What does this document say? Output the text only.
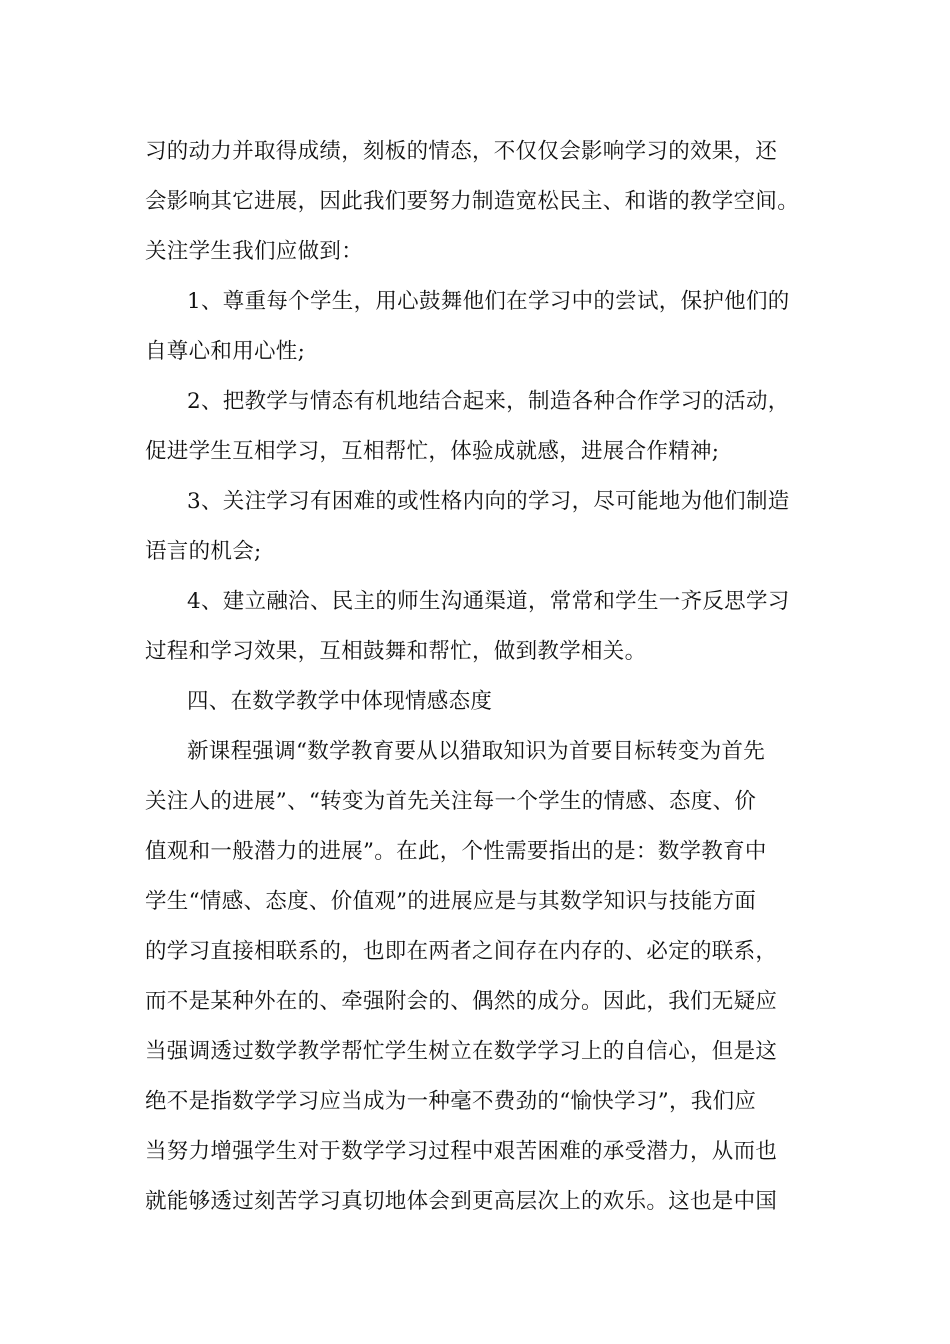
习的动力并取得成绩，刻板的情态，不仅仅会影响学习的效果，还
会影响其它进展，因此我们要努力制造宽松民主、和谐的教学空间。
关注学生我们应做到：
1、尊重每个学生，用心鼓舞他们在学习中的尝试，保护他们的
自尊心和用心性;
2、把教学与情态有机地结合起来，制造各种合作学习的活动，
促进学生互相学习，互相帮忙，体验成就感，进展合作精神;
3、关注学习有困难的或性格内向的学习，尽可能地为他们制造
语言的机会;
4、建立融洽、民主的师生沟通渠道，常常和学生一齐反思学习
过程和学习效果，互相鼓舞和帮忙，做到教学相关。
四、在数学教学中体现情感态度
新课程强调“数学教育要从以猎取知识为首要目标转变为首先
关注人的进展”、“转变为首先关注每一个学生的情感、态度、价
值观和一般潜力的进展”。在此，个性需要指出的是：数学教育中
学生“情感、态度、价值观”的进展应是与其数学知识与技能方面
的学习直接相联系的，也即在两者之间存在内存的、必定的联系，
而不是某种外在的、牵强附会的、偶然的成分。因此，我们无疑应
当强调透过数学教学帮忙学生树立在数学学习上的自信心，但是这
绝不是指数学学习应当成为一种毫不费劲的“愉快学习”，我们应
当努力增强学生对于数学学习过程中艰苦困难的承受潜力，从而也
就能够透过刻苦学习真切地体会到更高层次上的欢乐。这也是中国
